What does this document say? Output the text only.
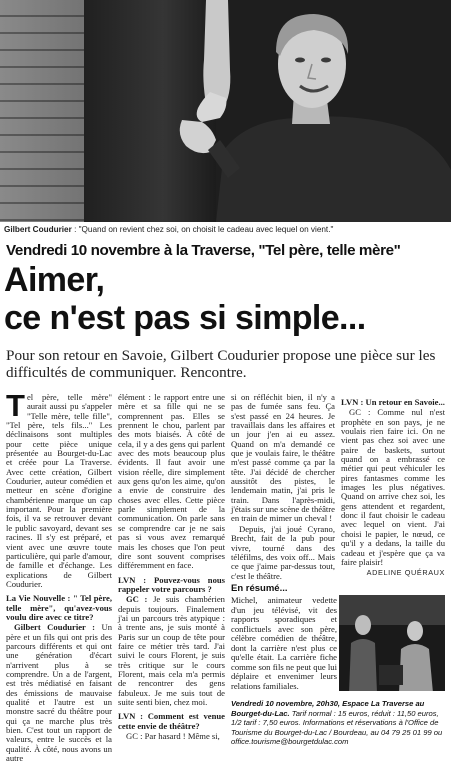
Gilbert Coudurier : "Quand on revient chez soi, on choisit le cadeau avec lequel on vient."
Vendredi 10 novembre à la Traverse, "Tel père, telle mère"
Aimer,
ce n'est pas si simple...
Pour son retour en Savoie, Gilbert Coudurier propose une pièce sur les difficultés de communiquer. Rencontre.

Tel père, telle mère" aurait aussi pu s'appeler "Telle mère, telle fille", "Tel père, tels fils..." Les déclinaisons sont multiples pour cette pièce unique présentée au Bourget-du-Lac et créée pour La Traverse. Avec cette création, Gilbert Coudurier, auteur comédien et metteur en scène d'origine chambérienne marque un cap important. Pour la première fois, il va se retrouver devant le public savoyard, devant ses racines. Il s'y est préparé, et vient avec une œuvre toute particulière, qui parle d'amour, de famille et d'échange. Les explications de Gilbert Coudurier.

La Vie Nouvelle : " Tel père, telle mère", qu'avez-vous voulu dire avec ce titre?

Gilbert Coudurier : Un père et un fils qui ont pris des parcours différents et qui ont une génération d'écart n'arrivent plus à se comprendre. Un a de l'argent, est très médiatisé en faisant des émissions de mauvaise qualité et l'autre est un monstre sacré du théâtre pour qui ça ne marche plus très bien. C'est tout un rapport de valeurs, entre le succès et la qualité. À côté, nous avons un autre

élément : le rapport entre une mère et sa fille qui ne se comprennent pas. Elles se prennent le chou, parlent par des mots biaisés. À côté de cela, il y a des gens qui parlent avec des mots beaucoup plus évidents. Il faut avoir une vision réelle, dire simplement aux gens qu'on les aime, qu'on a envie de construire des choses avec elles. Cette pièce parle simplement de la communication. On parle sans se comprendre car je ne sais pas si vous avez remarqué mais les choses que l'on peut dire sont souvent comprises différemment en face.

LVN : Pouvez-vous nous rappeler votre parcours ?

GC : Je suis chambérien depuis toujours. Finalement j'ai un parcours très atypique : à trente ans, je suis monté à Paris sur un coup de tête pour faire ce métier très tard. J'ai suivi le cours Florent, je suis très critique sur le cours Florent, mais cela m'a permis de rencontrer des gens fabuleux. Je me suis tout de suite senti bien, chez moi.

LVN : Comment est venue cette envie de théâtre?

GC : Par hasard ! Même si,

si on réfléchit bien, il n'y a pas de fumée sans feu. Ça s'est passé en 24 heures. Je travaillais dans les affaires et un jour j'en ai eu assez. Quand on m'a demandé ce que je voulais faire, le théâtre m'est passé comme ça par la tête. J'ai décidé de chercher aussitôt des pistes, le lendemain matin, j'ai pris le train. Dans l'après-midi, j'étais sur une scène de théâtre en train de mimer un cheval !

Depuis, j'ai joué Cyrano, Brecht, fait de la pub pour vivre, tourné dans des téléfilms, des voix off... Mais ce que j'aime par-dessus tout, c'est le théâtre.

LVN : Un retour en Savoie...

GC : Comme nul n'est prophète en son pays, je ne voulais rien faire ici. On ne vient pas chez soi avec une paire de baskets, surtout quand on a embrassé ce métier qui peut véhiculer les pires fantasmes comme les images les plus négatives. Quand on arrive chez soi, les gens attendent et regardent, donc il faut choisir le cadeau avec lequel on vient. J'ai choisi le papier, le nœud, ce qu'il y a dedans, la taille du cadeau et j'espère que ça va faire plaisir!

ADELINE QUÉRAUX
En résumé...
Michel, animateur vedette d'un jeu télévisé, vit des rapports sporadiques et conflictuels avec son père, célèbre comédien de théâtre, dont la carrière n'est plus ce qu'elle était. La carrière fiche comme son fils ne peut que lui déplaire et envenimer leurs relations familiales.
Vendredi 10 novembre, 20h30, Espace La Traverse au Bourget-du-Lac. Tarif normal : 15 euros, réduit : 11,50 euros, 1/2 tarif : 7,50 euros. Informations et réservations à l'Office de Tourisme du Bourget-du-Lac / Bourdeau, au 04 79 25 01 99 ou office.tourisme@bourgetdulac.com
